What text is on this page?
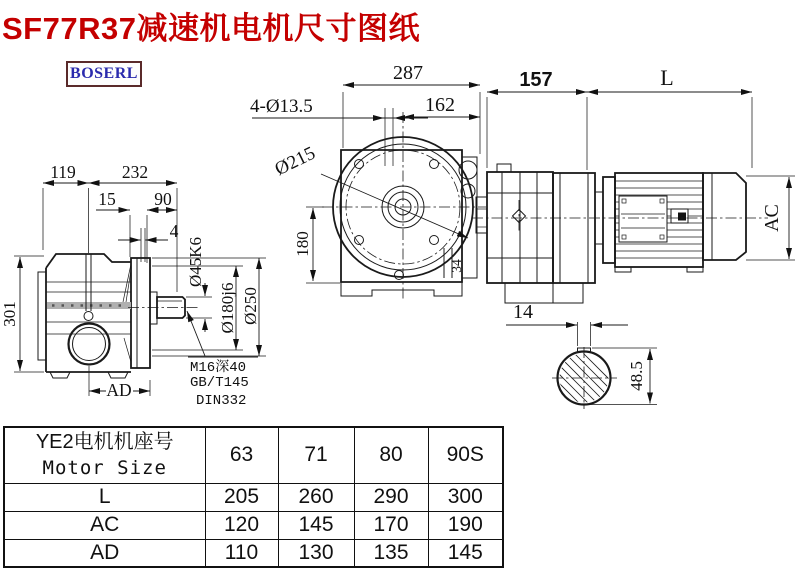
SF77R37减速机电机尺寸图纸
BOSERL
Ø215
34
180
287
162
4-Ø13.5
119	232
15 90
4
Ø45K6
Ø180j6 Ø250
301
AD
M16深40
GB/T145
DIN332
157	L
AC
14
48.5
YE2电机机座号
Motor Size	63	71	80	90S
L	205	260	290	300
AC	120	145	170	190
AD	110	130	135	145
